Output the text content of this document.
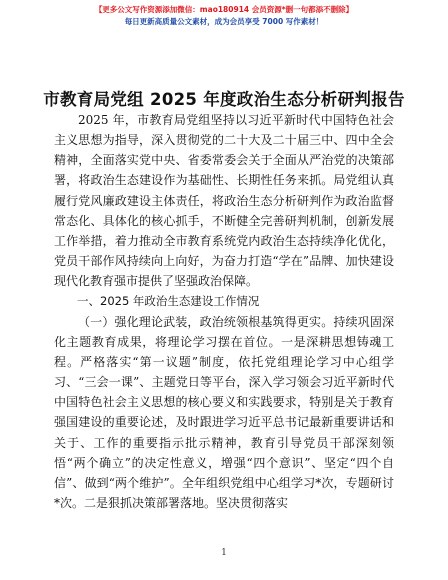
【更多公文写作资源添加微信：mao180914 会员资源*删一句都添不删除】
每日更新高质量公文素材，成为会员享受 7000 写作素材！
市教育局党组 2025 年度政治生态分析研判报告

2025 年，市教育局党组坚持以习近平新时代中国特色社会主义思想为指导，深入贯彻党的二十大及二十届三中、四中全会精神，全面落实党中央、省委常委会关于全面从严治党的决策部署，将政治生态建设作为基础性、长期性任务来抓。局党组认真履行党风廉政建设主体责任，将政治生态分析研判作为政治监督常态化、具体化的核心抓手，不断健全完善研判机制，创新发展工作举措，着力推动全市教育系统党内政治生态持续净化优化，党员干部作风持续向上向好，为奋力打造“学在”品牌、加快建设现代化教育强市提供了坚强政治保障。

一、2025 年政治生态建设工作情况

（一）强化理论武装，政治统领根基筑得更实。持续巩固深化主题教育成果，将理论学习摆在首位。一是深耕思想铸魂工程。严格落实“第一议题”制度，依托党组理论学习中心组学习、“三会一课”、主题党日等平台，深入学习领会习近平新时代中国特色社会主义思想的核心要义和实践要求，特别是关于教育强国建设的重要论述，及时跟进学习近平总书记最新重要讲话和关于、工作的重要指示批示精神，教育引导党员干部深刻领悟“两个确立”的决定性意义，增强“四个意识”、坚定“四个自信”、做到“两个维护”。全年组织党组中心组学习*次，专题研讨*次。二是狠抓决策部署落地。坚决贯彻落实

1
